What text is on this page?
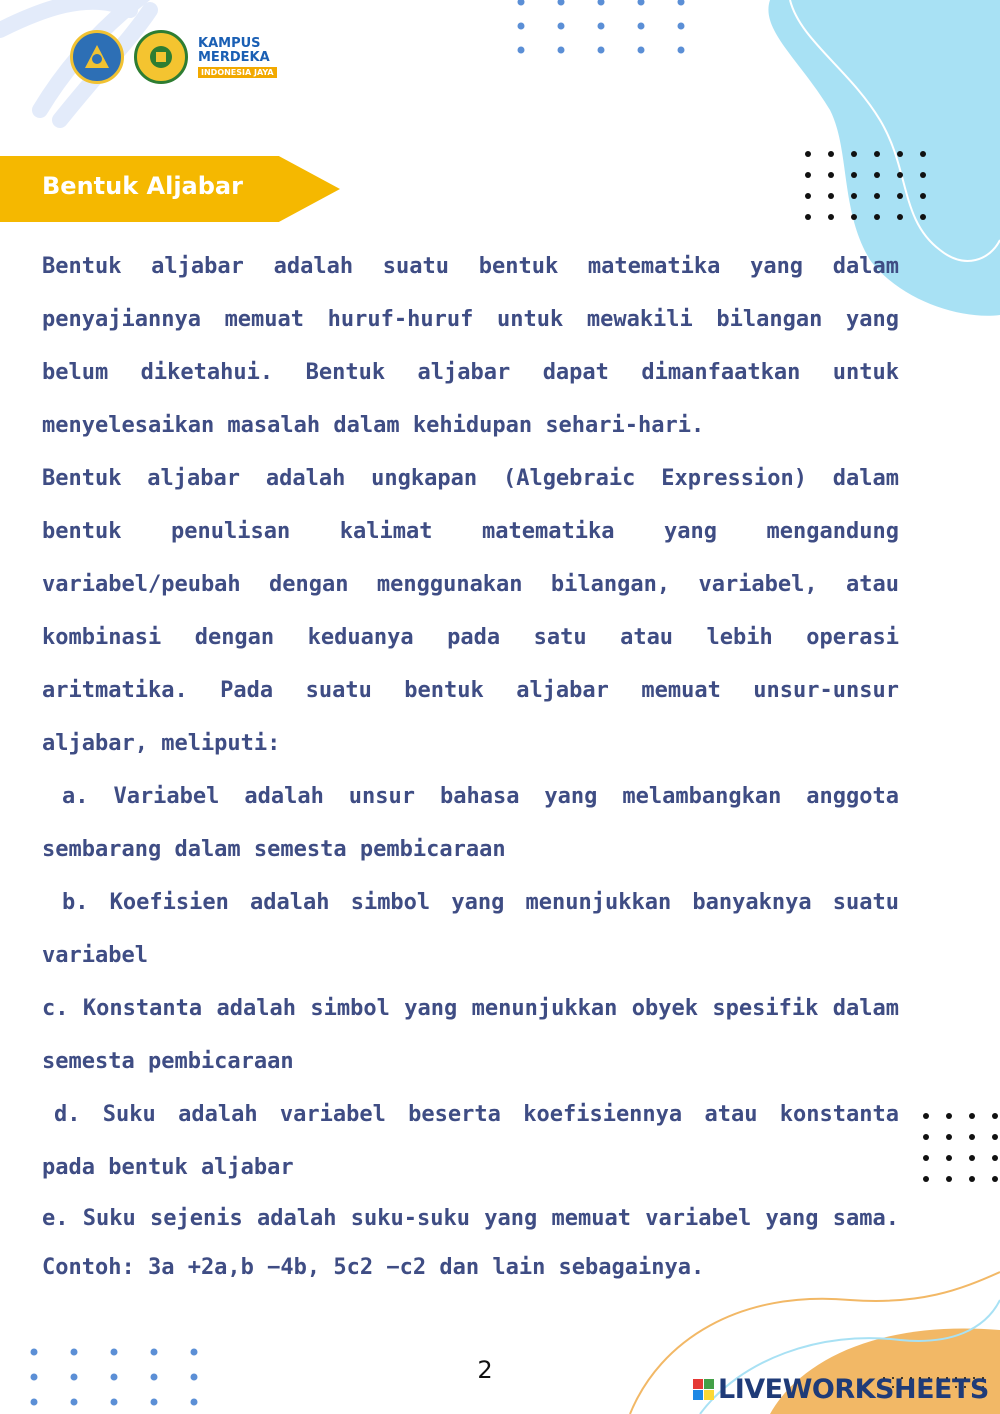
KAMPUS
MERDEKA
INDONESIA JAYA
Bentuk Aljabar

Bentuk aljabar adalah suatu bentuk matematika yang dalam penyajiannya memuat huruf-huruf untuk mewakili bilangan yang belum diketahui. Bentuk aljabar dapat dimanfaatkan untuk menyelesaikan masalah dalam kehidupan sehari-hari.

Bentuk aljabar adalah ungkapan (Algebraic Expression) dalam bentuk penulisan kalimat matematika yang mengandung variabel/peubah dengan menggunakan bilangan, variabel, atau kombinasi dengan keduanya pada satu atau lebih operasi aritmatika. Pada suatu bentuk aljabar memuat unsur-unsur aljabar, meliputi:

a. Variabel adalah unsur bahasa yang melambangkan anggota sembarang dalam semesta pembicaraan

b. Koefisien adalah simbol yang menunjukkan banyaknya suatu variabel

c. Konstanta adalah simbol yang menunjukkan obyek spesifik dalam semesta pembicaraan

d. Suku adalah variabel beserta koefisiennya atau konstanta pada bentuk aljabar

e. Suku sejenis adalah suku-suku yang memuat variabel yang sama. Contoh: 3a +2a,b −4b, 5c2 −c2 dan lain sebagainya.

2
LIVEWORKSHEETS
